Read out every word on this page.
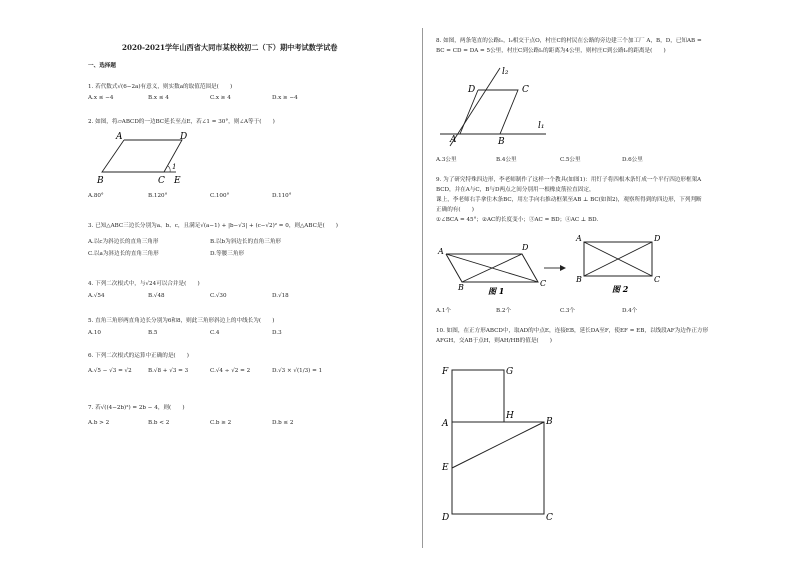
2020-2021学年山西省大同市某校校初二（下）期中考试数学试卷
一、选择题
1. 若代数式√(6−2a)有意义，则实数a的取值范围是(　　)
A.x ≤ −4	B.x ≤ 4	C.x ≥ 4	D.x ≥ −4
2. 如图，将▱ABCD的一边BC延长至点E，若∠1 = 30°，则∠A等于(　　)
A	D
B	C E
1
A.80°	B.120°	C.100°	D.110°
3. 已知△ABC三边长分别为a、b、c，且满足√(a−1) + |b−√3| + (c−√2)² = 0，则△ABC是(　　)
A.以c为斜边长的直角三角形	B.以b为斜边长的直角三角形
C.以a为斜边长的直角三角形	D.等腰三角形
4. 下列二次根式中，与√24可以合并是(　　)
A.√54	B.√48	C.√30	D.√18
5. 直角三角形两直角边长分别为6和8，则此三角形斜边上的中线长为(　　)
A.10	B.5	C.4	D.3
6. 下列二次根式的运算中正确的是(　　)
A.√5 − √3 = √2	B.√8 + √3 = 3	C.√4 ÷ √2 = 2	D.√3 × √(1/3) = 1
7. 若√((4−2b)²) = 2b − 4，则(　　)
A.b > 2	B.b < 2	C.b ≥ 2	D.b ≤ 2
8. 如图，两条笔直的公路l₁，l₂相交于点O，村庄C的村民在公路的旁边建三个加工厂 A，B，D，已知AB =
BC = CD = DA = 5公里，村庄C到公路l₁的距离为4公里，则村庄C到公路l₂的距离是(　　)
l₂
l₁
D	C
A	B
A.3公里	B.4公里	C.5公里	D.6公里
9. 为了研究特殊四边形，李老师制作了这样一个教具(如图1)：用钉子将四根木条钉成一个平行四边形框架A
BCD，并在A与C，B与D两点之间分别用一根橡皮筋拉直固定，
课上，李老师右手拿住木条BC，用左手向右推动框架至AB ⊥ BC(如图2)，观察所得到的四边形，下列判断
正确的有(　　)
①∠BCA = 45°；②AC的长度变小；③AC = BD；④AC ⊥ BD.
A
B	C
D
图 1
A
B	C
D
图 2
A.1个	B.2个	C.3个	D.4个
10. 如图，在正方形ABCD中，取AD的中点E，连接EB，延长DA至F，使EF = EB，以线段AF为边作正方形
AFGH，交AB于点H，则AH/HB的值是(　　)
F	G
H
A	B
E
D	C
